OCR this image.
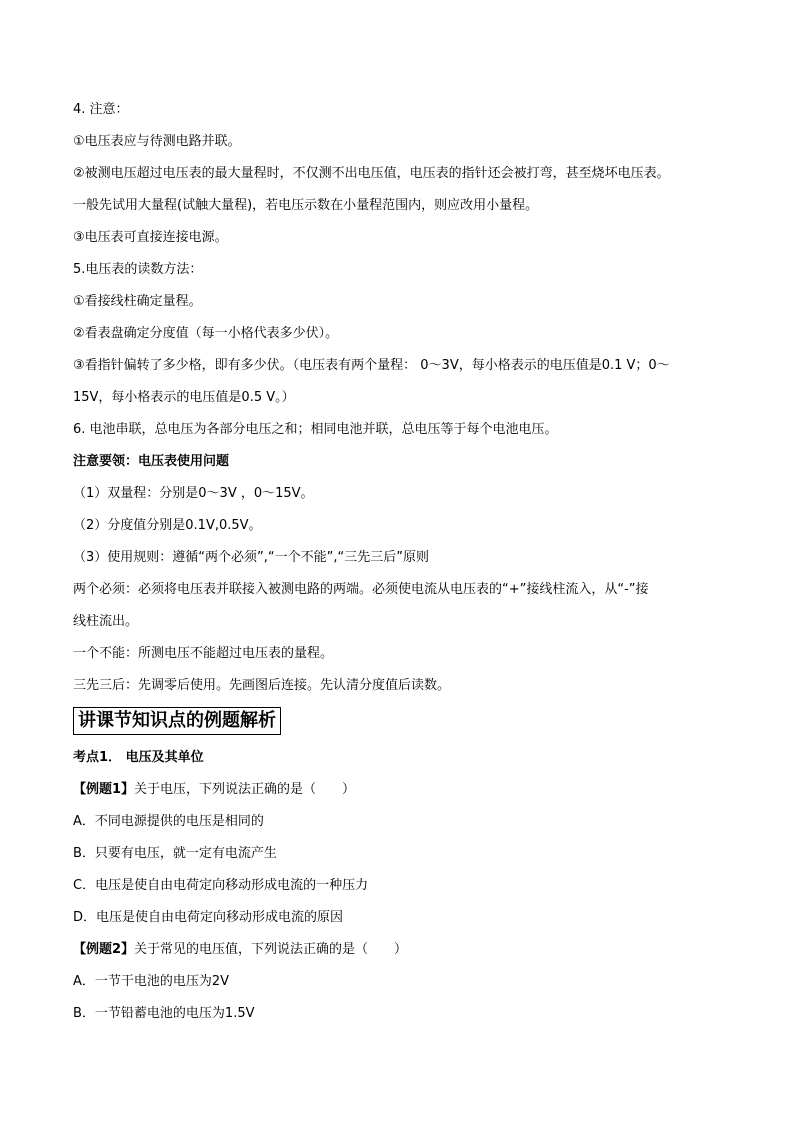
4. 注意：
①电压表应与待测电路并联。
②被测电压超过电压表的最大量程时，不仅测不出电压值，电压表的指针还会被打弯，甚至烧坏电压表。
一般先试用大量程(试触大量程)，若电压示数在小量程范围内，则应改用小量程。
③电压表可直接连接电源。
5.电压表的读数方法：
①看接线柱确定量程。
②看表盘确定分度值（每一小格代表多少伏）。
③看指针偏转了多少格，即有多少伏。（电压表有两个量程： 0～3V，每小格表示的电压值是0.1 V；0～
15V，每小格表示的电压值是0.5 V。）
6. 电池串联，总电压为各部分电压之和；相同电池并联，总电压等于每个电池电压。
注意要领：电压表使用问题
（1）双量程：分别是0～3V ，0～15V。
（2）分度值分别是0.1V,0.5V。
（3）使用规则：遵循“两个必须”,“一个不能”,“三先三后”原则
两个必须：必须将电压表并联接入被测电路的两端。必须使电流从电压表的“+”接线柱流入，从“-”接
线柱流出。
一个不能：所测电压不能超过电压表的量程。
三先三后：先调零后使用。先画图后连接。先认清分度值后读数。
讲课节知识点的例题解析
考点1． 电压及其单位
【例题1】关于电压，下列说法正确的是（　　）
A．不同电源提供的电压是相同的
B．只要有电压，就一定有电流产生
C．电压是使自由电荷定向移动形成电流的一种压力
D．电压是使自由电荷定向移动形成电流的原因
【例题2】关于常见的电压值，下列说法正确的是（　　）
A．一节干电池的电压为2V
B．一节铅蓄电池的电压为1.5V
